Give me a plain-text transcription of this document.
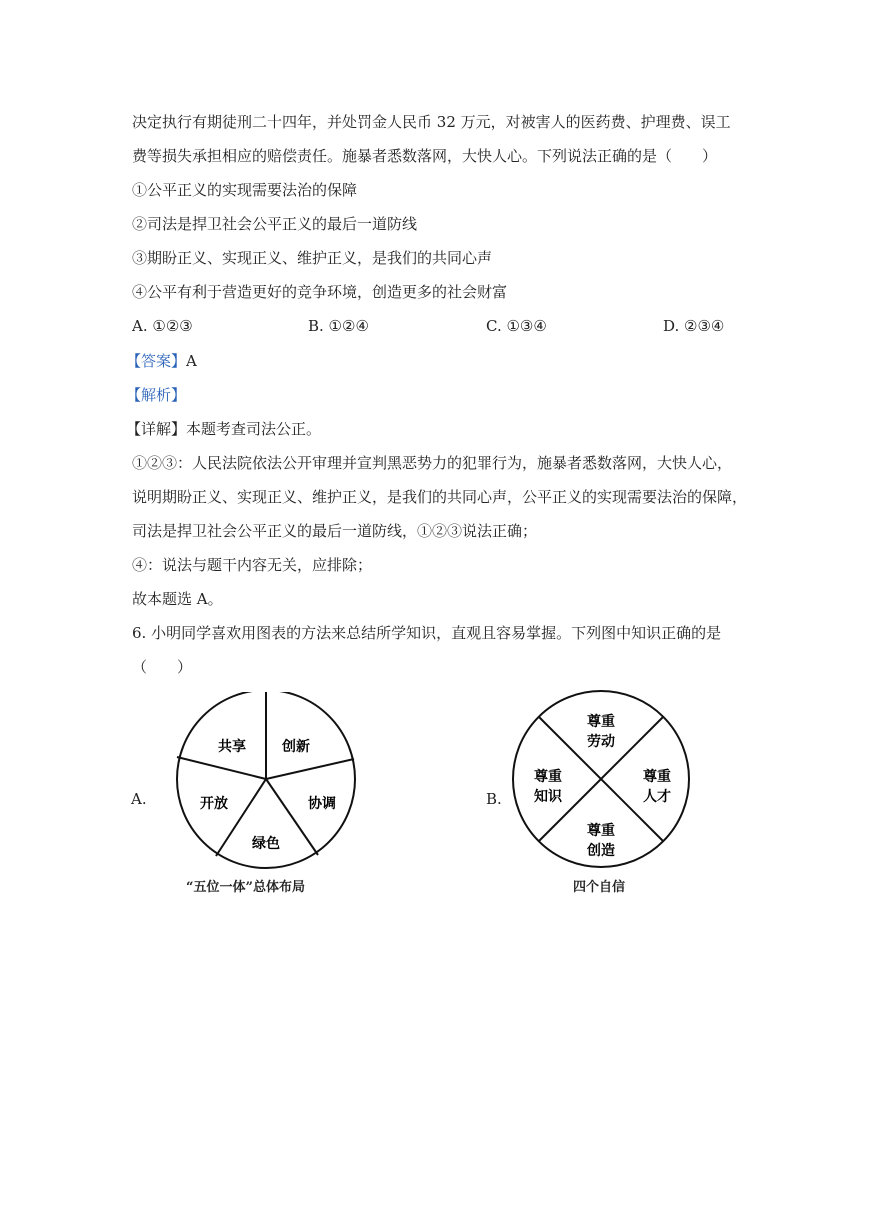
决定执行有期徒刑二十四年，并处罚金人民币 32 万元，对被害人的医药费、护理费、误工
费等损失承担相应的赔偿责任。施暴者悉数落网，大快人心。下列说法正确的是（　　）
①公平正义的实现需要法治的保障
②司法是捍卫社会公平正义的最后一道防线
③期盼正义、实现正义、维护正义，是我们的共同心声
④公平有利于营造更好的竞争环境，创造更多的社会财富
A. ①②③	B. ①②④	C. ①③④	D. ②③④
【答案】A
【解析】
【详解】本题考查司法公正。
①②③：人民法院依法公开审理并宣判黑恶势力的犯罪行为，施暴者悉数落网，大快人心，
说明期盼正义、实现正义、维护正义，是我们的共同心声，公平正义的实现需要法治的保障，
司法是捍卫社会公平正义的最后一道防线，①②③说法正确；
④：说法与题干内容无关，应排除；
故本题选 A。
6. 小明同学喜欢用图表的方法来总结所学知识，直观且容易掌握。下列图中知识正确的是
（　　）
A.
共享	创新
协调
绿色
开放
“五位一体”总体布局
B.
尊重
劳动
尊重
人才
尊重
创造
尊重
知识
四个自信
